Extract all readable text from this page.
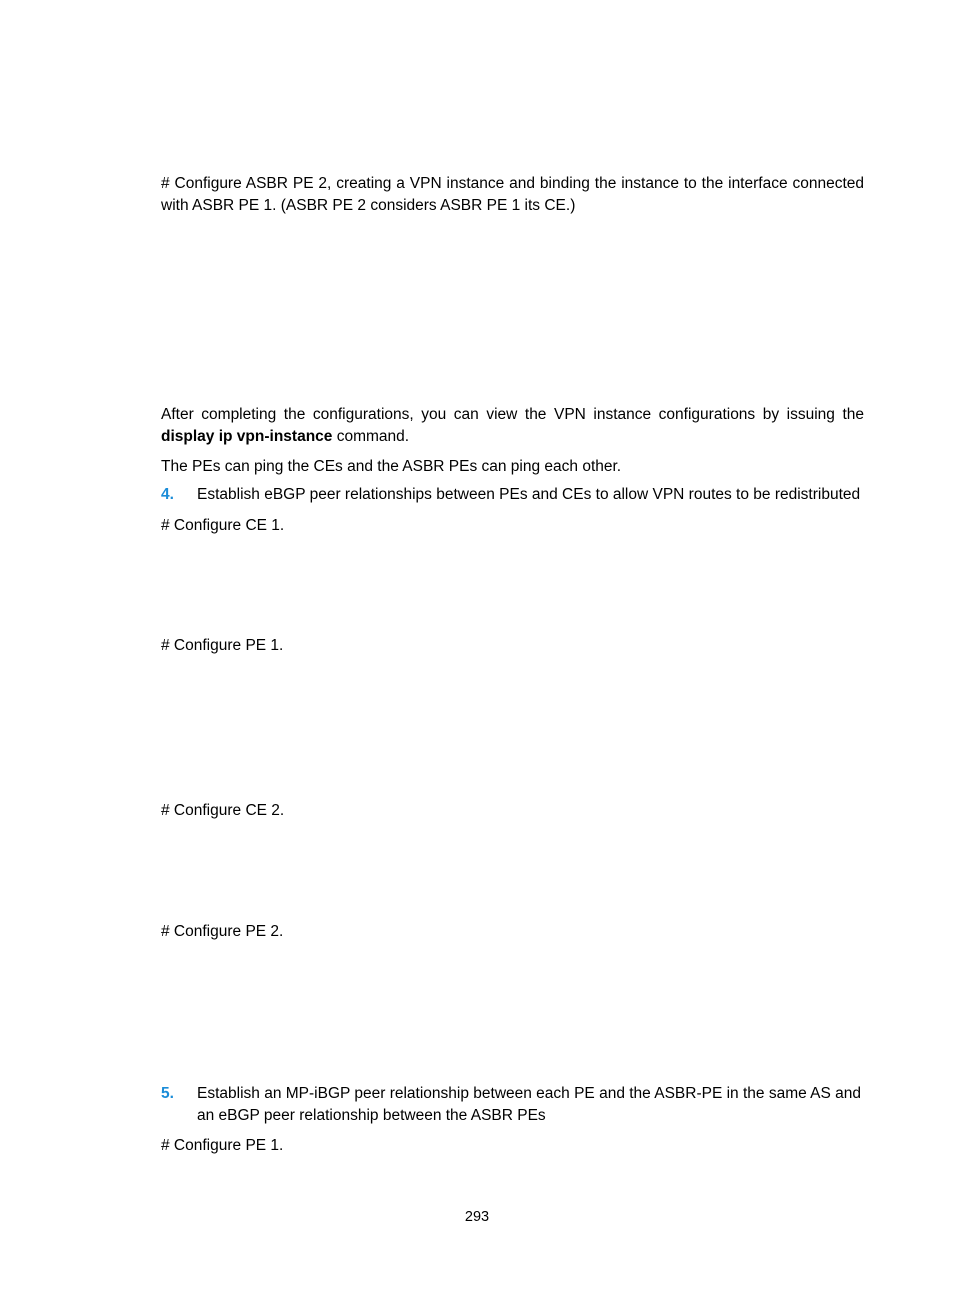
# Configure ASBR PE 2, creating a VPN instance and binding the instance to the interface connected with ASBR PE 1. (ASBR PE 2 considers ASBR PE 1 its CE.)
After completing the configurations, you can view the VPN instance configurations by issuing the display ip vpn-instance command.
The PEs can ping the CEs and the ASBR PEs can ping each other.
4. Establish eBGP peer relationships between PEs and CEs to allow VPN routes to be redistributed
# Configure CE 1.
# Configure PE 1.
# Configure CE 2.
# Configure PE 2.
5. Establish an MP-iBGP peer relationship between each PE and the ASBR-PE in the same AS and an eBGP peer relationship between the ASBR PEs
# Configure PE 1.
293
